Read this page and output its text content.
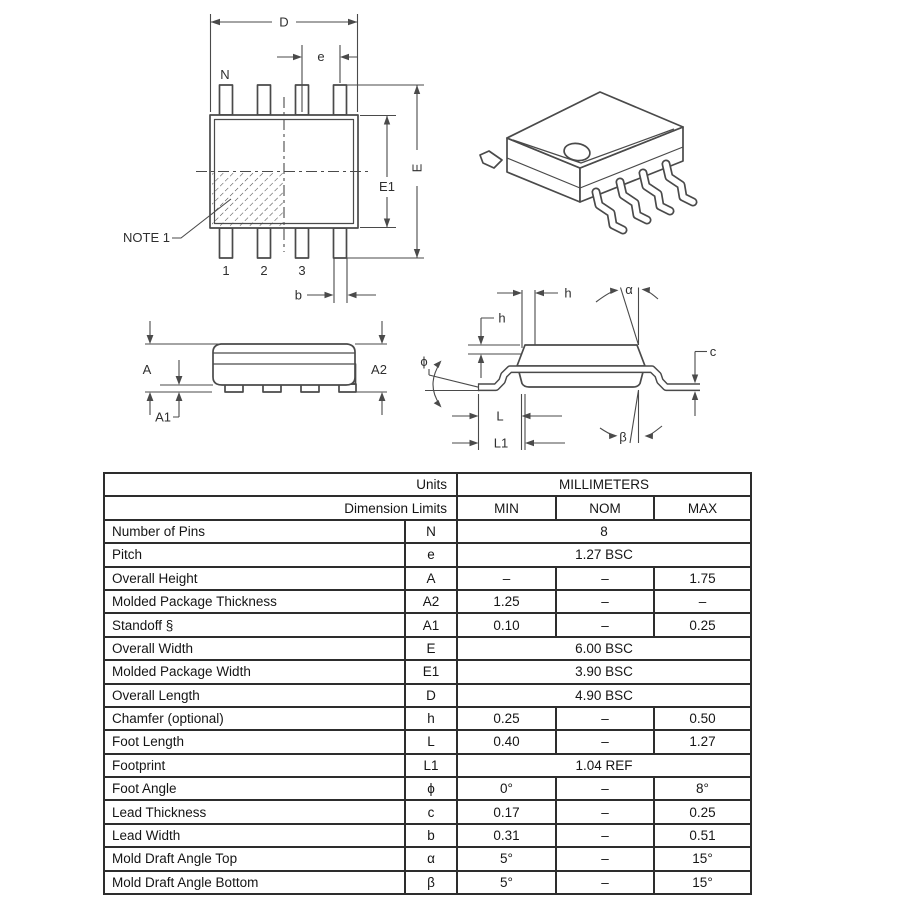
D
e
N
E
E1
NOTE 1
1 2 3
b
A
A1
A2
h
h
α
c
ϕ
L
L1	β
Units		MILLIMETERS		
Dimension Limits		MIN	NOM	MAX
Number of Pins	N	8		
Pitch	e	1.27 BSC		
Overall Height	A	–	–	1.75
Molded Package Thickness	A2	1.25	–	–
Standoff §	A1	0.10	–	0.25
Overall Width	E	6.00 BSC		
Molded Package Width	E1	3.90 BSC		
Overall Length	D	4.90 BSC		
Chamfer (optional)	h	0.25	–	0.50
Foot Length	L	0.40	–	1.27
Footprint	L1	1.04 REF		
Foot Angle	ϕ	0°	–	8°
Lead Thickness	c	0.17	–	0.25
Lead Width	b	0.31	–	0.51
Mold Draft Angle Top	α	5°	–	15°
Mold Draft Angle Bottom	β	5°	–	15°
